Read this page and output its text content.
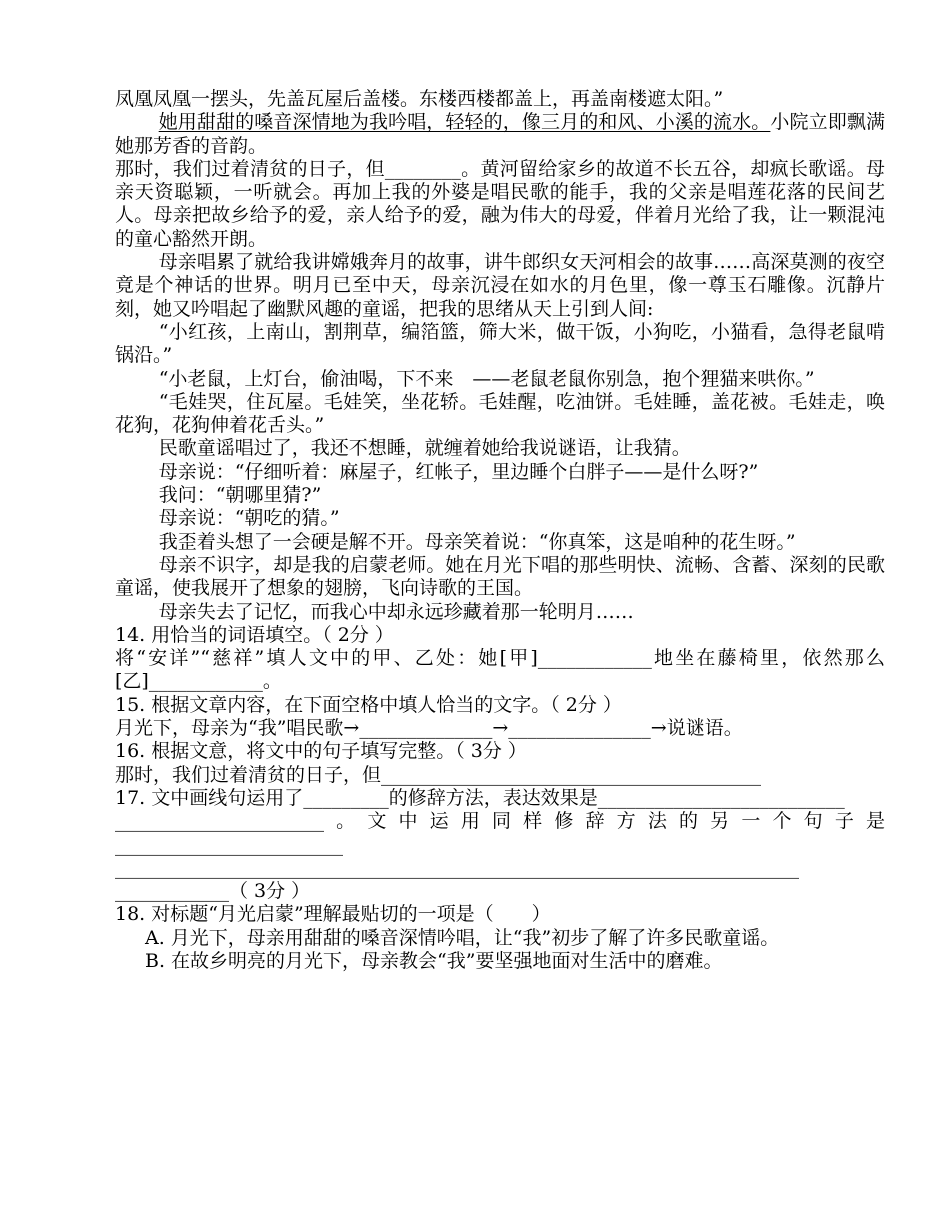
凤凰凤凰一摆头，先盖瓦屋后盖楼。东楼西楼都盖上，再盖南楼遮太阳。”

她用甜甜的嗓音深情地为我吟唱，轻轻的，像三月的和风、小溪的流水。小院立即飘满她那芳香的音韵。

那时，我们过着清贫的日子，但________。黄河留给家乡的故道不长五谷，却疯长歌谣。母亲天资聪颖，一听就会。再加上我的外婆是唱民歌的能手，我的父亲是唱莲花落的民间艺人。母亲把故乡给予的爱，亲人给予的爱，融为伟大的母爱，伴着月光给了我，让一颗混沌的童心豁然开朗。

母亲唱累了就给我讲嫦娥奔月的故事，讲牛郎织女天河相会的故事……高深莫测的夜空竟是个神话的世界。明月已至中天，母亲沉浸在如水的月色里，像一尊玉石雕像。沉静片刻，她又吟唱起了幽默风趣的童谣，把我的思绪从天上引到人间:

“小红孩，上南山，割荆草，编箔篮，筛大米，做干饭，小狗吃，小猫看，急得老鼠啃锅沿。”

“小老鼠，上灯台，偷油喝，下不来　——老鼠老鼠你别急，抱个狸猫来哄你。”

“毛娃哭，住瓦屋。毛娃笑，坐花轿。毛娃醒，吃油饼。毛娃睡，盖花被。毛娃走，唤花狗，花狗伸着花舌头。”

民歌童谣唱过了，我还不想睡，就缠着她给我说谜语，让我猜。

母亲说：“仔细听着：麻屋子，红帐子，里边睡个白胖子——是什么呀?”

我问：“朝哪里猜?”

母亲说：“朝吃的猜。”

我歪着头想了一会硬是解不开。母亲笑着说：“你真笨，这是咱种的花生呀。”

母亲不识字，却是我的启蒙老师。她在月光下唱的那些明快、流畅、含蓄、深刻的民歌童谣，使我展开了想象的翅膀，飞向诗歌的王国。

母亲失去了记忆，而我心中却永远珍藏着那一轮明月……

14. 用恰当的词语填空。（ 2分 ）

将“安详”“慈祥”填人文中的甲、乙处：她[甲]____________地坐在藤椅里，依然那么[乙]____________。

15. 根据文章内容，在下面空格中填人恰当的文字。（ 2分 ）

月光下，母亲为“我”唱民歌→______________→_______________→说谜语。

16. 根据文意，将文中的句子填写完整。（ 3分 ）

那时，我们过着清贫的日子，但________________________________________

17. 文中画线句运用了_________的修辞方法，表达效果是__________________________
______________________。文中运用同样修辞方法的另一个句子是________________________
________________________________________________________________________
____________（ 3分 ）

18. 对标题“月光启蒙”理解最贴切的一项是（　　）

A. 月光下，母亲用甜甜的嗓音深情吟唱，让“我”初步了解了许多民歌童谣。

B. 在故乡明亮的月光下，母亲教会“我”要坚强地面对生活中的磨难。
